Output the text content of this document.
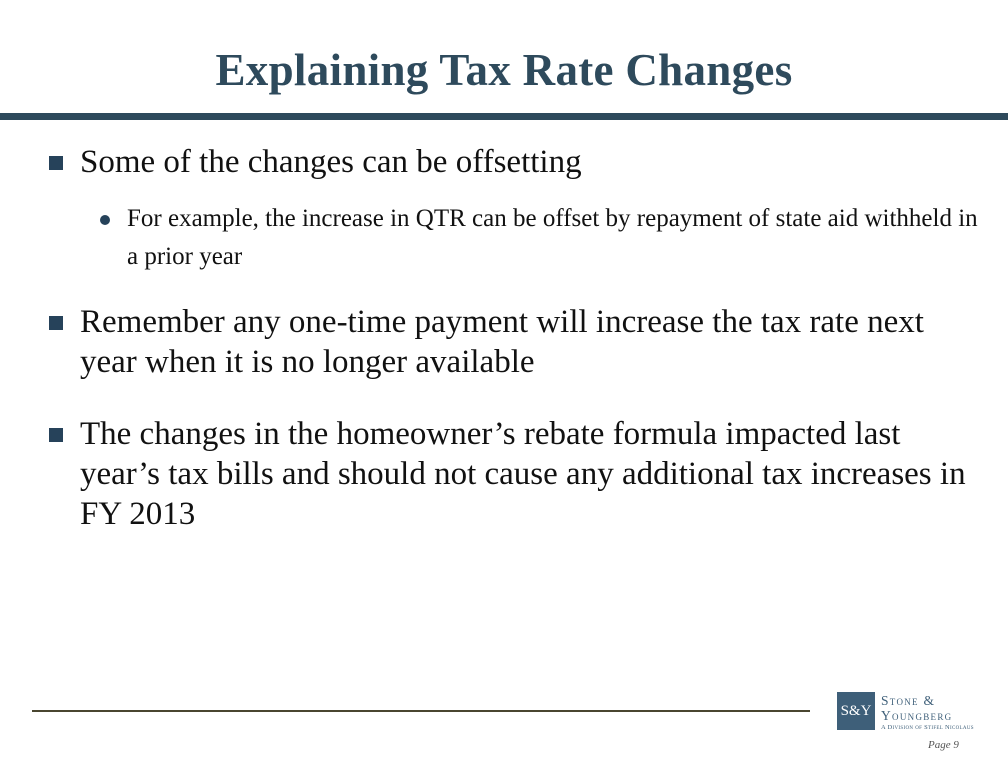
Explaining Tax Rate Changes
Some of the changes can be offsetting
For example, the increase in QTR can be offset by repayment of state aid withheld in a prior year
Remember any one-time payment will increase the tax rate next year when it is no longer available
The changes in the homeowner’s rebate formula impacted last year’s tax bills and should not cause any additional tax increases in FY 2013
S&Y
Stone &
Youngberg
A Division of Stifel Nicolaus
Page 9
